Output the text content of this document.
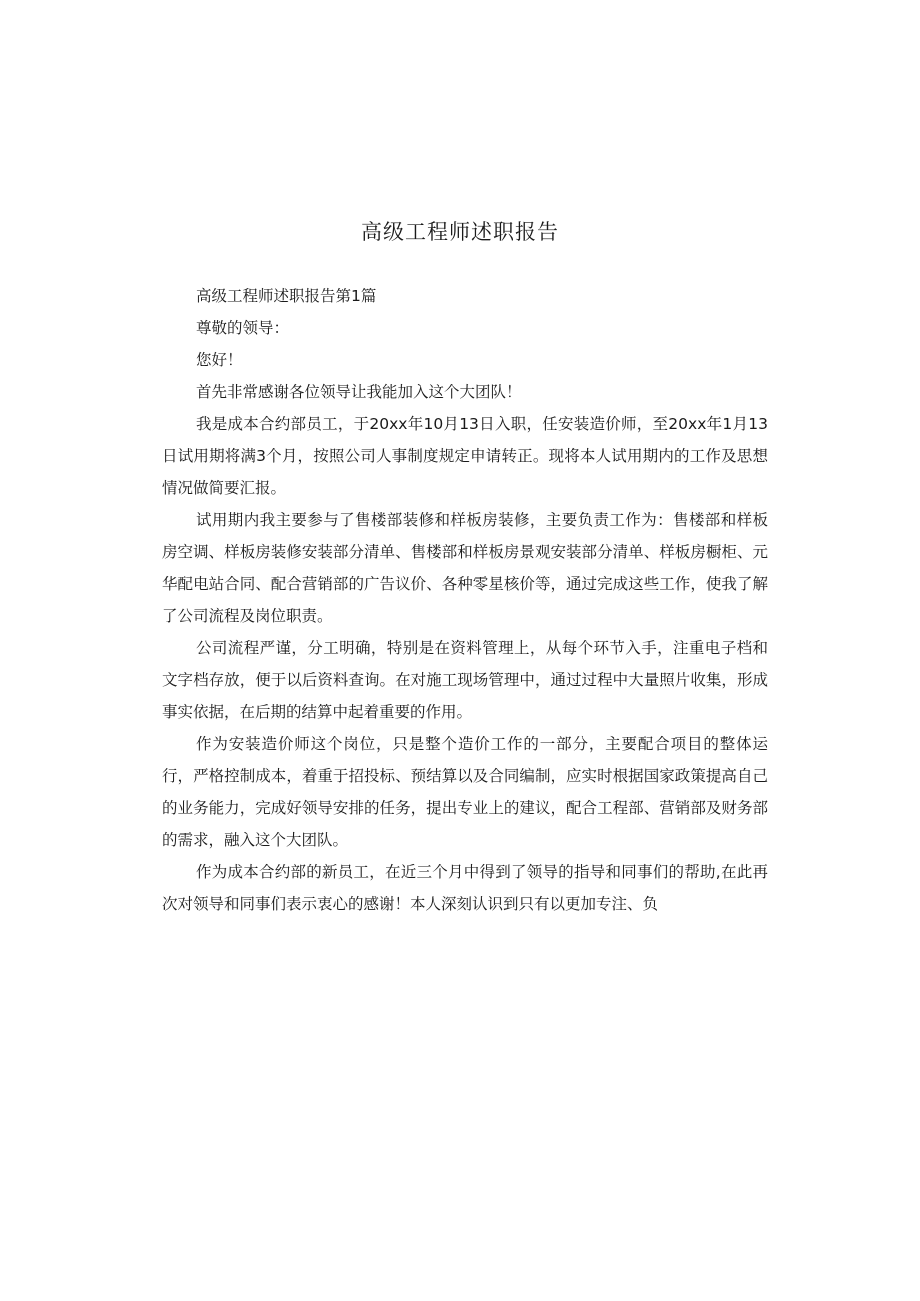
高级工程师述职报告

高级工程师述职报告第1篇

尊敬的领导：

您好！

首先非常感谢各位领导让我能加入这个大团队！

我是成本合约部员工，于20xx年10月13日入职，任安装造价师，至20xx年1月13日试用期将满3个月，按照公司人事制度规定申请转正。现将本人试用期内的工作及思想情况做简要汇报。

试用期内我主要参与了售楼部装修和样板房装修，主要负责工作为：售楼部和样板房空调、样板房装修安装部分清单、售楼部和样板房景观安装部分清单、样板房橱柜、元华配电站合同、配合营销部的广告议价、各种零星核价等，通过完成这些工作，使我了解了公司流程及岗位职责。

公司流程严谨，分工明确，特别是在资料管理上，从每个环节入手，注重电子档和文字档存放，便于以后资料查询。在对施工现场管理中，通过过程中大量照片收集，形成事实依据，在后期的结算中起着重要的作用。

作为安装造价师这个岗位，只是整个造价工作的一部分，主要配合项目的整体运行，严格控制成本，着重于招投标、预结算以及合同编制，应实时根据国家政策提高自己的业务能力，完成好领导安排的任务，提出专业上的建议，配合工程部、营销部及财务部的需求，融入这个大团队。

作为成本合约部的新员工，在近三个月中得到了领导的指导和同事们的帮助,在此再次对领导和同事们表示衷心的感谢！本人深刻认识到只有以更加专注、负
